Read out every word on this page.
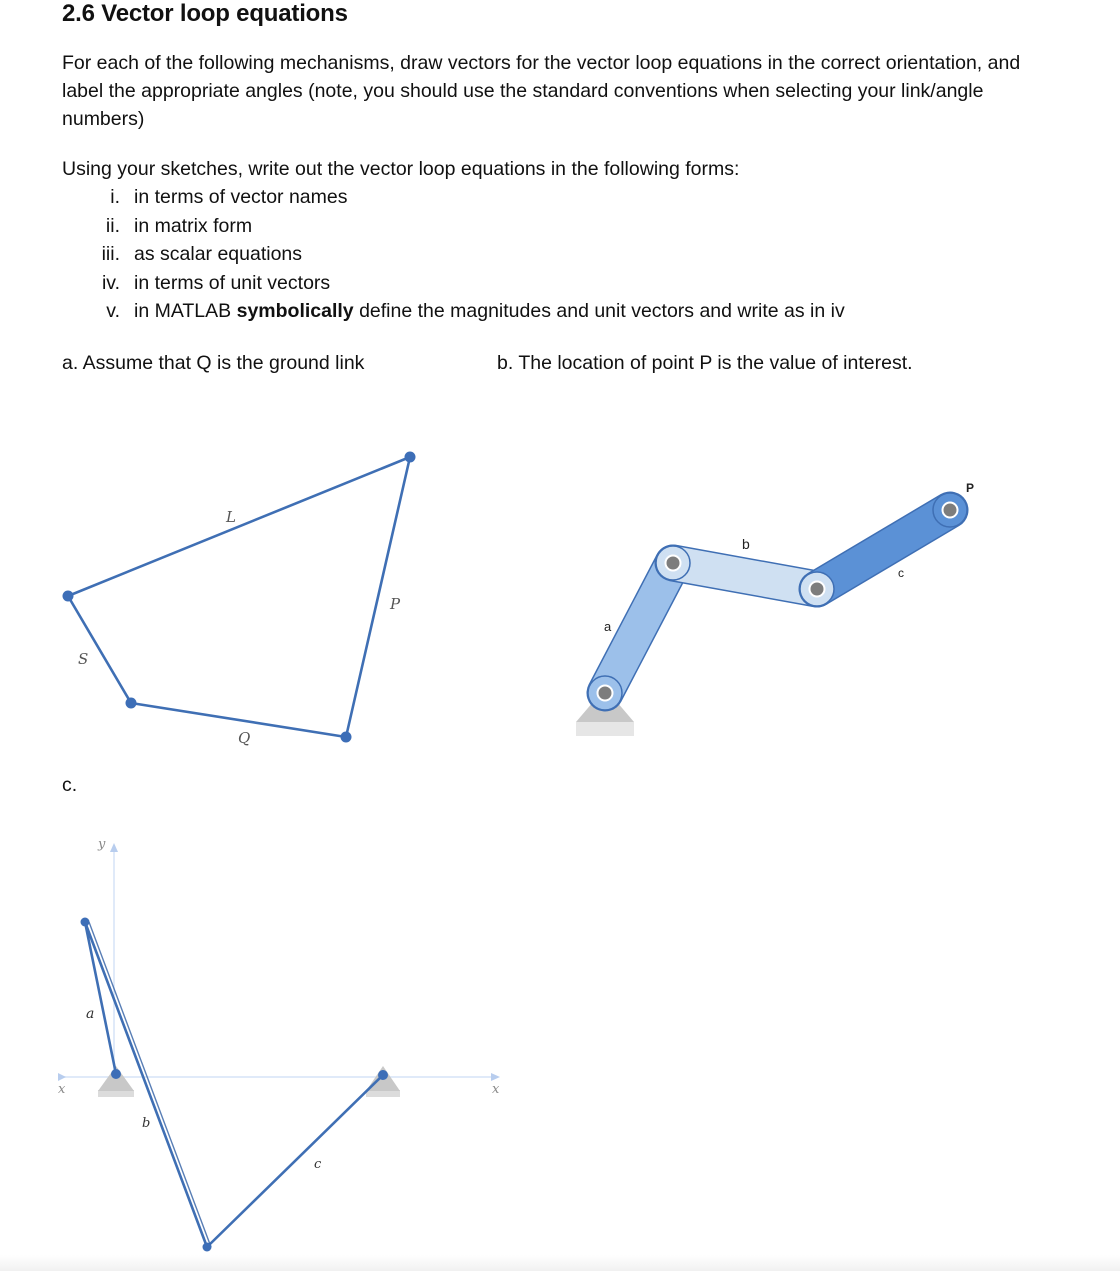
2.6 Vector loop equations

For each of the following mechanisms, draw vectors for the vector loop equations in the correct orientation, and label the appropriate angles (note, you should use the standard conventions when selecting your link/angle numbers)

Using your sketches, write out the vector loop equations in the following forms:

i. in terms of vector names
ii. in matrix form
iii. as scalar equations
iv. in terms of unit vectors
v. in MATLAB symbolically define the magnitudes and unit vectors and write as in iv

a. Assume that Q is the ground link	b. The location of point P is the value of interest.

c.

L
S
P
Q
a
b
c
P
y
x
x
a
b
c
